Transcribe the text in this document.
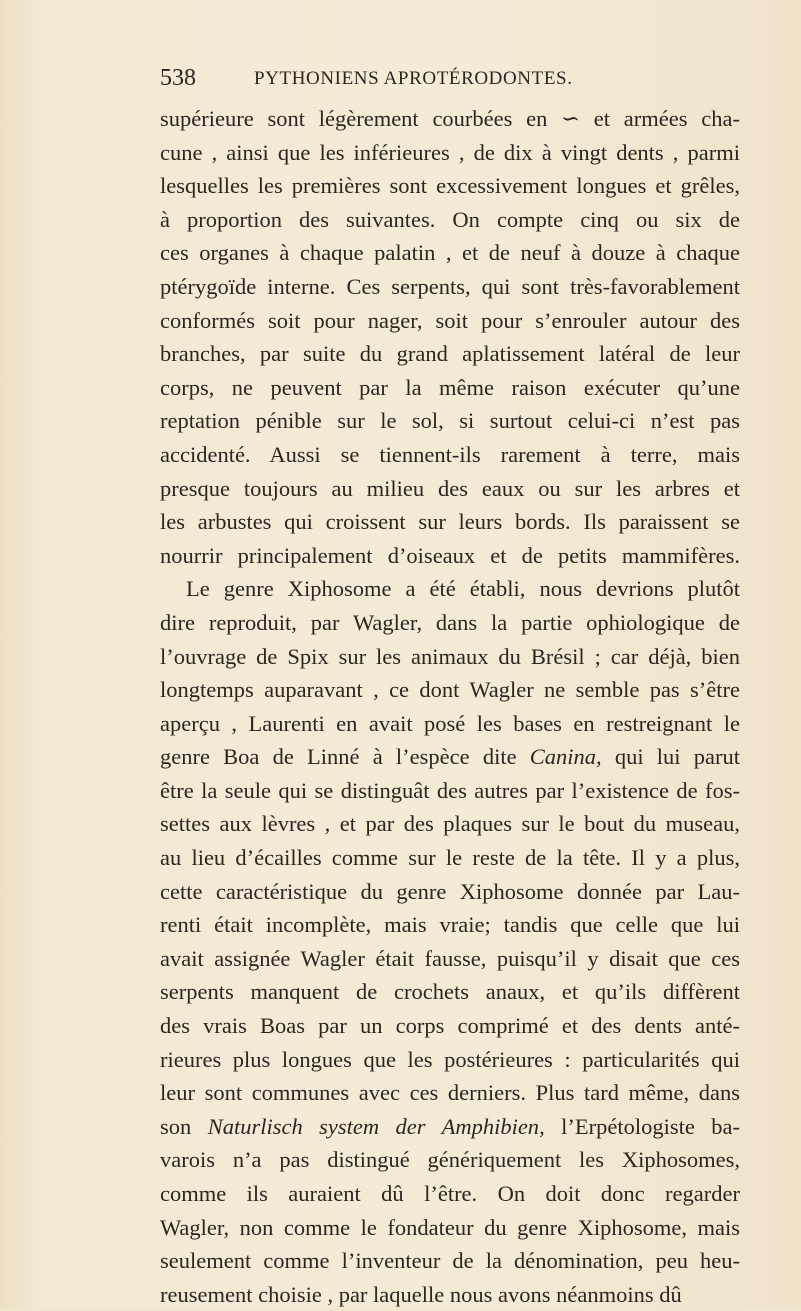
538	PYTHONIENS APROTÉRODONTES.
supérieure sont légèrement courbées en ∽ et armées cha-
cune , ainsi que les inférieures , de dix à vingt dents , parmi
lesquelles les premières sont excessivement longues et grêles,
à proportion des suivantes. On compte cinq ou six de
ces organes à chaque palatin , et de neuf à douze à chaque
ptérygoïde interne. Ces serpents, qui sont très-favorablement
conformés soit pour nager, soit pour s’enrouler autour des
branches, par suite du grand aplatissement latéral de leur
corps, ne peuvent par la même raison exécuter qu’une
reptation pénible sur le sol, si surtout celui-ci n’est pas
accidenté. Aussi se tiennent-ils rarement à terre, mais
presque toujours au milieu des eaux ou sur les arbres et
les arbustes qui croissent sur leurs bords. Ils paraissent se
nourrir principalement d’oiseaux et de petits mammifères.
Le genre Xiphosome a été établi, nous devrions plutôt
dire reproduit, par Wagler, dans la partie ophiologique de
l’ouvrage de Spix sur les animaux du Brésil ; car déjà, bien
longtemps auparavant , ce dont Wagler ne semble pas s’être
aperçu , Laurenti en avait posé les bases en restreignant le
genre Boa de Linné à l’espèce dite Canina, qui lui parut
être la seule qui se distinguât des autres par l’existence de fos-
settes aux lèvres , et par des plaques sur le bout du museau,
au lieu d’écailles comme sur le reste de la tête. Il y a plus,
cette caractéristique du genre Xiphosome donnée par Lau-
renti était incomplète, mais vraie; tandis que celle que lui
avait assignée Wagler était fausse, puisqu’il y disait que ces
serpents manquent de crochets anaux, et qu’ils diffèrent
des vrais Boas par un corps comprimé et des dents anté-
rieures plus longues que les postérieures : particularités qui
leur sont communes avec ces derniers. Plus tard même, dans
son Naturlisch system der Amphibien, l’Erpétologiste ba-
varois n’a pas distingué génériquement les Xiphosomes,
comme ils auraient dû l’être. On doit donc regarder
Wagler, non comme le fondateur du genre Xiphosome, mais
seulement comme l’inventeur de la dénomination, peu heu-
reusement choisie , par laquelle nous avons néanmoins dû
